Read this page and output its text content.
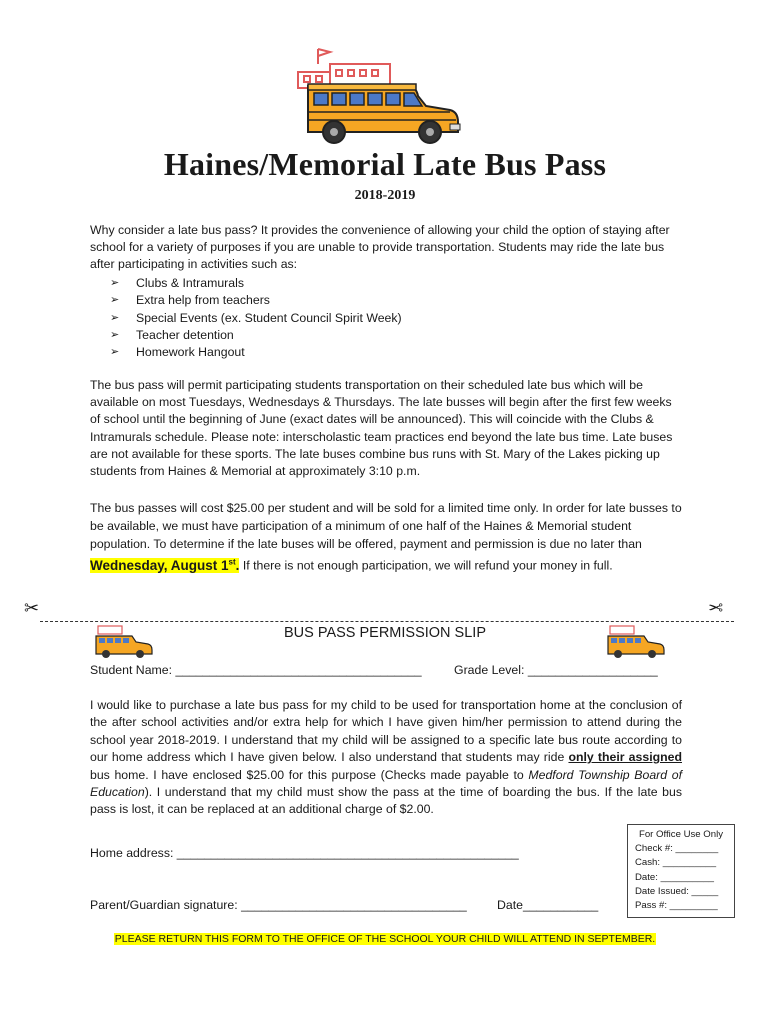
Haines/Memorial Late Bus Pass
2018-2019
Why consider a late bus pass? It provides the convenience of allowing your child the option of staying after school for a variety of purposes if you are unable to provide transportation. Students may ride the late bus after participating in activities such as:
➢ Clubs & Intramurals
➢ Extra help from teachers
➢ Special Events (ex. Student Council Spirit Week)
➢ Teacher detention
➢ Homework Hangout
The bus pass will permit participating students transportation on their scheduled late bus which will be available on most Tuesdays, Wednesdays & Thursdays. The late busses will begin after the first few weeks of school until the beginning of June (exact dates will be announced). This will coincide with the Clubs & Intramurals schedule. Please note: interscholastic team practices end beyond the late bus time. Late buses are not available for these sports. The late buses combine bus runs with St. Mary of the Lakes picking up students from Haines & Memorial at approximately 3:10 p.m.
The bus passes will cost $25.00 per student and will be sold for a limited time only. In order for late busses to be available, we must have participation of a minimum of one half of the Haines & Memorial student population. To determine if the late buses will be offered, payment and permission is due no later than Wednesday, August 1st. If there is not enough participation, we will refund your money in full.
✂	✂
BUS PASS PERMISSION SLIP
Student Name: ____________________________________	Grade Level: ___________________
I would like to purchase a late bus pass for my child to be used for transportation home at the conclusion of the after school activities and/or extra help for which I have given him/her permission to attend during the school year 2018-2019. I understand that my child will be assigned to a specific late bus route according to our home address which I have given below. I also understand that students may ride only their assigned bus home. I have enclosed $25.00 for this purpose (Checks made payable to Medford Township Board of Education). I understand that my child must show the pass at the time of boarding the bus. If the late bus pass is lost, it can be replaced at an additional charge of $2.00.
Home address: __________________________________________________
Parent/Guardian signature: _________________________________ Date___________
For Office Use Only
Check #: ________
Cash: __________
Date: __________
Date Issued: _____
Pass #: _________
PLEASE RETURN THIS FORM TO THE OFFICE OF THE SCHOOL YOUR CHILD WILL ATTEND IN SEPTEMBER.
